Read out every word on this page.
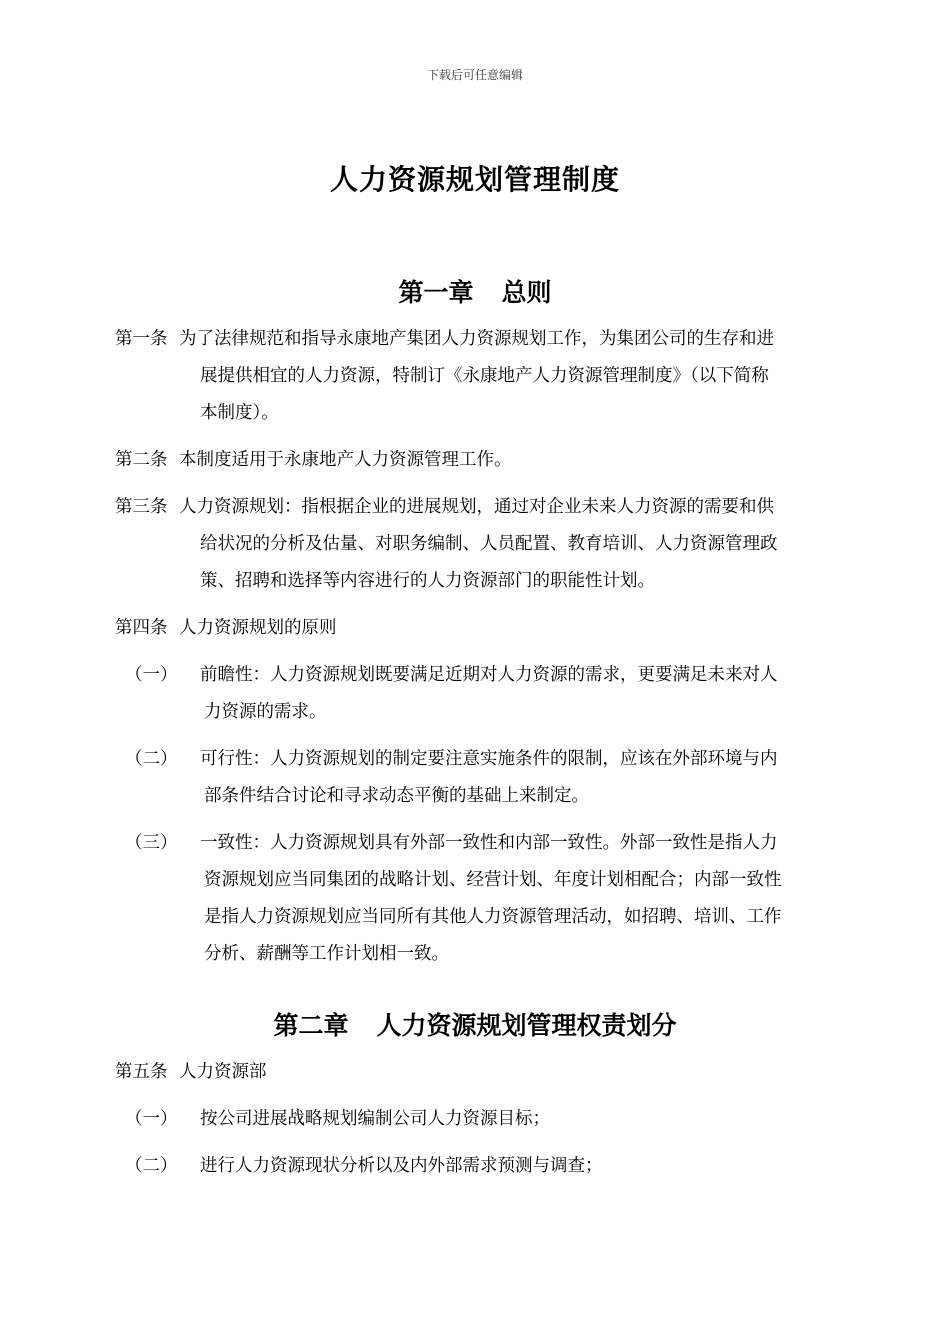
下载后可任意编辑
人力资源规划管理制度
第一章 总则
第一条 为了法律规范和指导永康地产集团人力资源规划工作，为集团公司的生存和进
展提供相宜的人力资源，特制订《永康地产人力资源管理制度》（以下简称
本制度）。
第二条 本制度适用于永康地产人力资源管理工作。
第三条 人力资源规划：指根据企业的进展规划，通过对企业未来人力资源的需要和供
给状况的分析及估量、对职务编制、人员配置、教育培训、人力资源管理政
策、招聘和选择等内容进行的人力资源部门的职能性计划。
第四条 人力资源规划的原则
（一）	前瞻性：人力资源规划既要满足近期对人力资源的需求，更要满足未来对人
力资源的需求。
（二）	可行性：人力资源规划的制定要注意实施条件的限制，应该在外部环境与内
部条件结合讨论和寻求动态平衡的基础上来制定。
（三）	一致性：人力资源规划具有外部一致性和内部一致性。外部一致性是指人力
资源规划应当同集团的战略计划、经营计划、年度计划相配合；内部一致性
是指人力资源规划应当同所有其他人力资源管理活动，如招聘、培训、工作
分析、薪酬等工作计划相一致。
第二章 人力资源规划管理权责划分
第五条 人力资源部
（一）	按公司进展战略规划编制公司人力资源目标；
（二）	进行人力资源现状分析以及内外部需求预测与调查；
